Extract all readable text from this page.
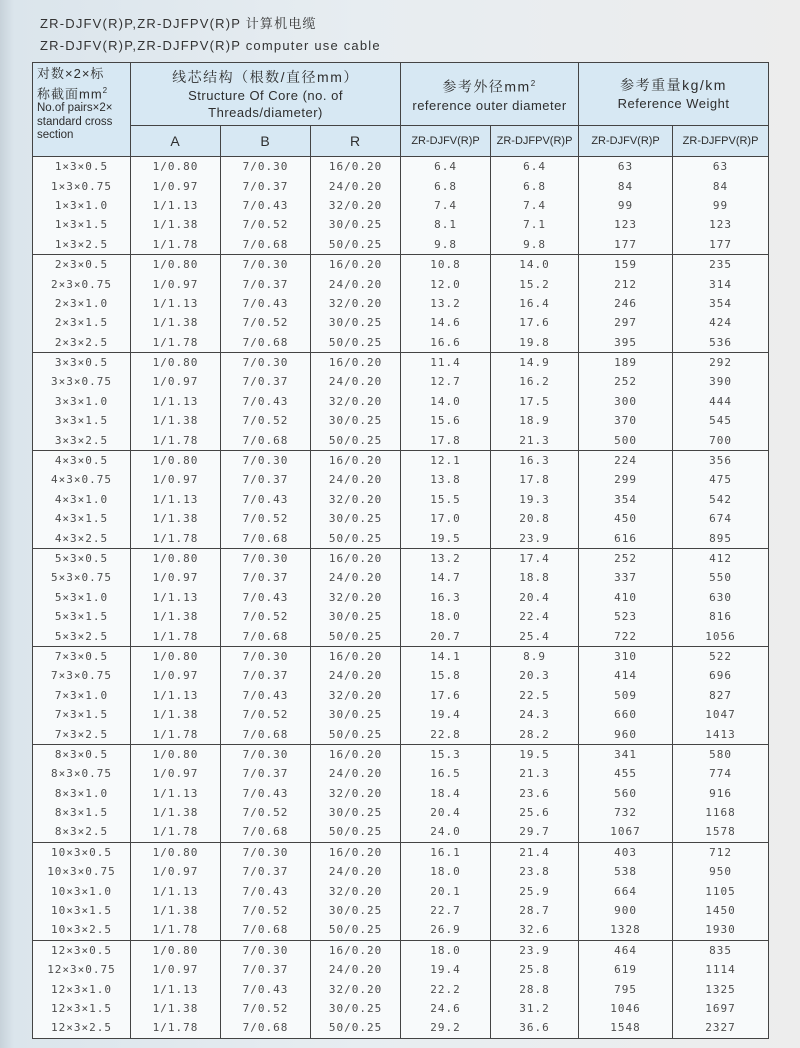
ZR-DJFV(R)P,ZR-DJFPV(R)P 计算机电缆
ZR-DJFV(R)P,ZR-DJFPV(R)P computer use cable
对数×2×标
称截面$mm^2$
No.of pairs×2×
standard cross
section

线芯结构（根数/直径mm）
Structure Of Core (no. of
Threads/diameter)

参考外径$mm^2$
reference outer diameter

参考重量kg/km
Reference Weight

	A	B	R	ZR-DJFV(R)P	ZR-DJFPV(R)P	ZR-DJFV(R)P	ZR-DJFPV(R)P
1×3×0.5	1/0.80	7/0.30	16/0.20	6.4	6.4	63	63
1×3×0.75	1/0.97	7/0.37	24/0.20	6.8	6.8	84	84
1×3×1.0	1/1.13	7/0.43	32/0.20	7.4	7.4	99	99
1×3×1.5	1/1.38	7/0.52	30/0.25	8.1	7.1	123	123
1×3×2.5	1/1.78	7/0.68	50/0.25	9.8	9.8	177	177
2×3×0.5	1/0.80	7/0.30	16/0.20	10.8	14.0	159	235
2×3×0.75	1/0.97	7/0.37	24/0.20	12.0	15.2	212	314
2×3×1.0	1/1.13	7/0.43	32/0.20	13.2	16.4	246	354
2×3×1.5	1/1.38	7/0.52	30/0.25	14.6	17.6	297	424
2×3×2.5	1/1.78	7/0.68	50/0.25	16.6	19.8	395	536
3×3×0.5	1/0.80	7/0.30	16/0.20	11.4	14.9	189	292
3×3×0.75	1/0.97	7/0.37	24/0.20	12.7	16.2	252	390
3×3×1.0	1/1.13	7/0.43	32/0.20	14.0	17.5	300	444
3×3×1.5	1/1.38	7/0.52	30/0.25	15.6	18.9	370	545
3×3×2.5	1/1.78	7/0.68	50/0.25	17.8	21.3	500	700
4×3×0.5	1/0.80	7/0.30	16/0.20	12.1	16.3	224	356
4×3×0.75	1/0.97	7/0.37	24/0.20	13.8	17.8	299	475
4×3×1.0	1/1.13	7/0.43	32/0.20	15.5	19.3	354	542
4×3×1.5	1/1.38	7/0.52	30/0.25	17.0	20.8	450	674
4×3×2.5	1/1.78	7/0.68	50/0.25	19.5	23.9	616	895
5×3×0.5	1/0.80	7/0.30	16/0.20	13.2	17.4	252	412
5×3×0.75	1/0.97	7/0.37	24/0.20	14.7	18.8	337	550
5×3×1.0	1/1.13	7/0.43	32/0.20	16.3	20.4	410	630
5×3×1.5	1/1.38	7/0.52	30/0.25	18.0	22.4	523	816
5×3×2.5	1/1.78	7/0.68	50/0.25	20.7	25.4	722	1056
7×3×0.5	1/0.80	7/0.30	16/0.20	14.1	8.9	310	522
7×3×0.75	1/0.97	7/0.37	24/0.20	15.8	20.3	414	696
7×3×1.0	1/1.13	7/0.43	32/0.20	17.6	22.5	509	827
7×3×1.5	1/1.38	7/0.52	30/0.25	19.4	24.3	660	1047
7×3×2.5	1/1.78	7/0.68	50/0.25	22.8	28.2	960	1413
8×3×0.5	1/0.80	7/0.30	16/0.20	15.3	19.5	341	580
8×3×0.75	1/0.97	7/0.37	24/0.20	16.5	21.3	455	774
8×3×1.0	1/1.13	7/0.43	32/0.20	18.4	23.6	560	916
8×3×1.5	1/1.38	7/0.52	30/0.25	20.4	25.6	732	1168
8×3×2.5	1/1.78	7/0.68	50/0.25	24.0	29.7	1067	1578
10×3×0.5	1/0.80	7/0.30	16/0.20	16.1	21.4	403	712
10×3×0.75	1/0.97	7/0.37	24/0.20	18.0	23.8	538	950
10×3×1.0	1/1.13	7/0.43	32/0.20	20.1	25.9	664	1105
10×3×1.5	1/1.38	7/0.52	30/0.25	22.7	28.7	900	1450
10×3×2.5	1/1.78	7/0.68	50/0.25	26.9	32.6	1328	1930
12×3×0.5	1/0.80	7/0.30	16/0.20	18.0	23.9	464	835
12×3×0.75	1/0.97	7/0.37	24/0.20	19.4	25.8	619	1114
12×3×1.0	1/1.13	7/0.43	32/0.20	22.2	28.8	795	1325
12×3×1.5	1/1.38	7/0.52	30/0.25	24.6	31.2	1046	1697
12×3×2.5	1/1.78	7/0.68	50/0.25	29.2	36.6	1548	2327
